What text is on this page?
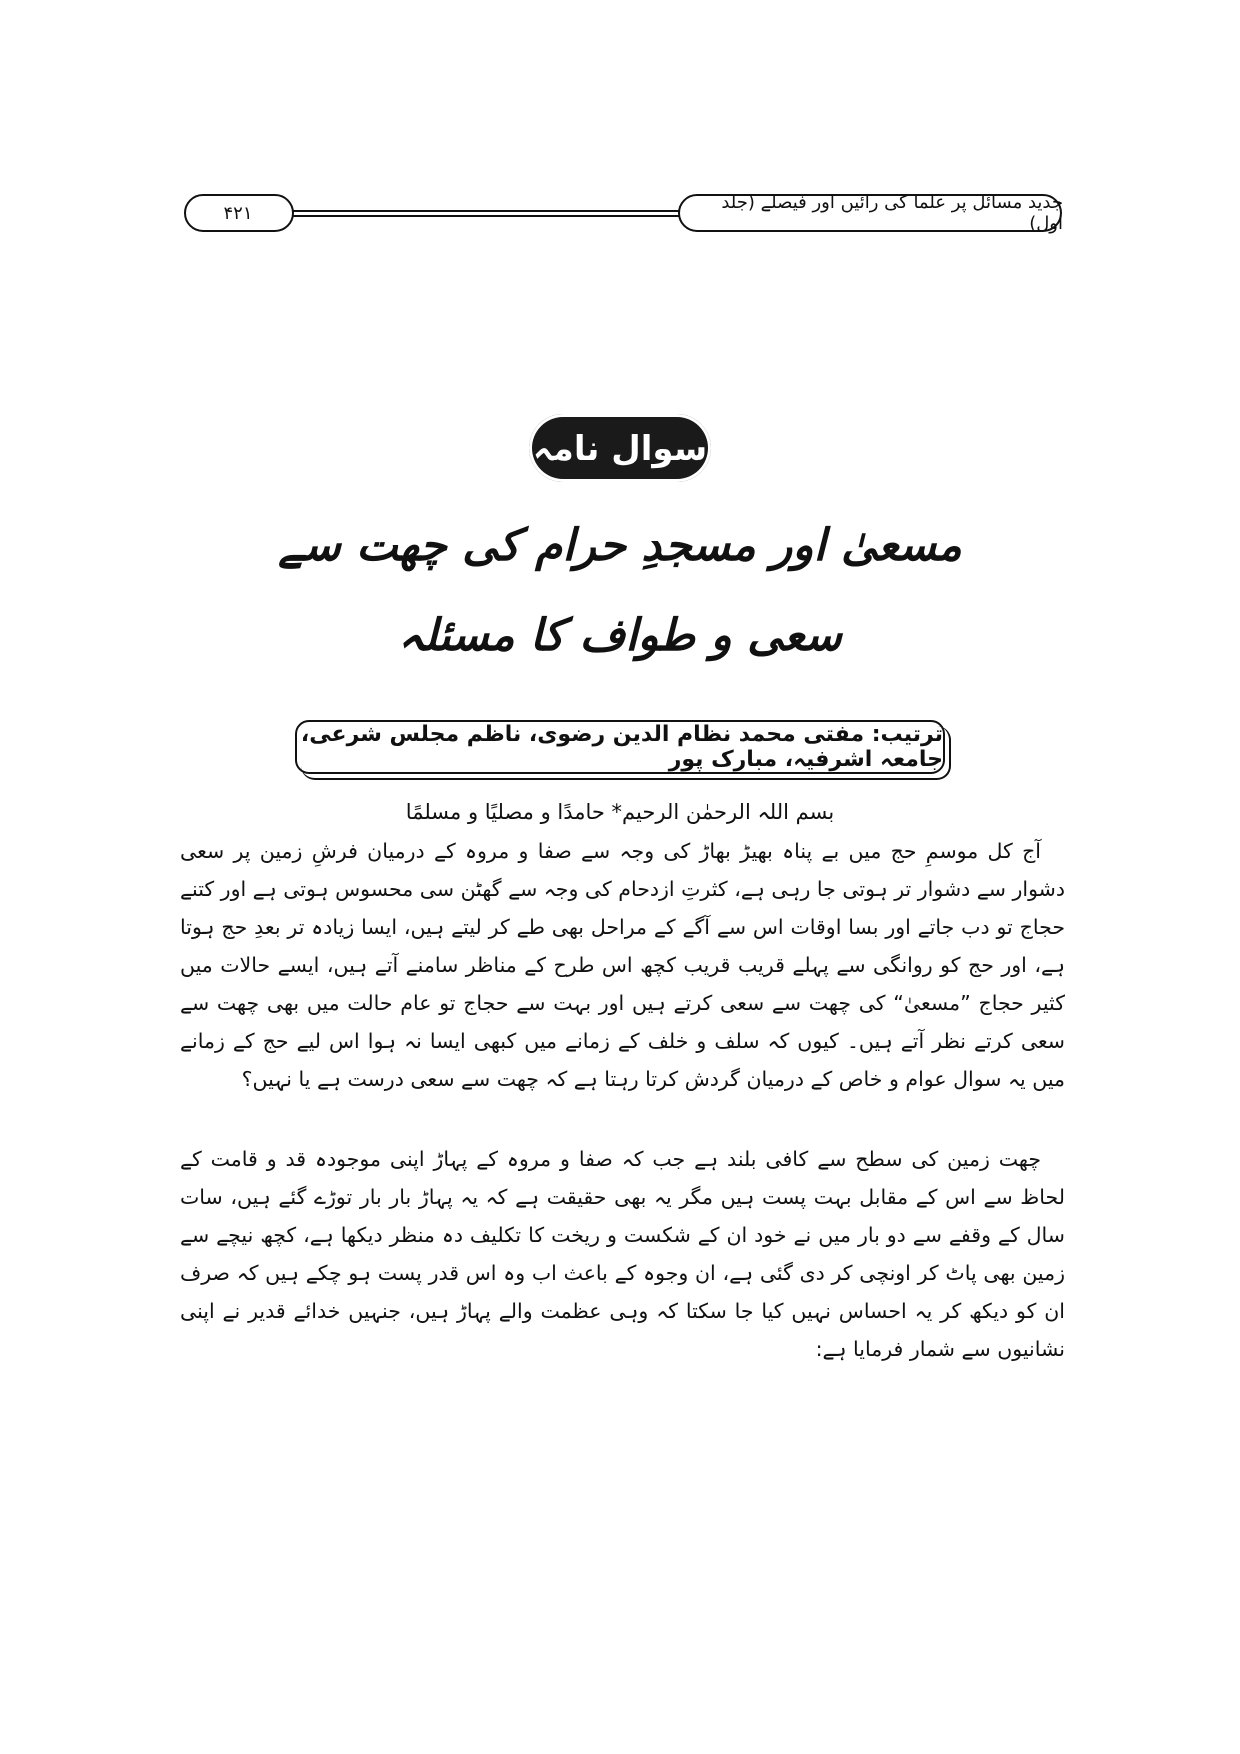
۴۲۱	جدید مسائل پر علما کی رائیں اور فیصلے (جلد اول)
سوال نامہ
مسعیٰ اور مسجدِ حرام کی چھت سے
سعی و طواف کا مسئلہ
ترتیب: مفتی محمد نظام الدین رضوی، ناظم مجلس شرعی، جامعہ اشرفیہ، مبارک پور
بسم اللہ الرحمٰن الرحیم* حامدًا و مصلیًا و مسلمًا

آج کل موسمِ حج میں بے پناہ بھیڑ بھاڑ کی وجہ سے صفا و مروہ کے درمیان فرشِ زمین پر سعی دشوار سے دشوار تر ہوتی جا رہی ہے، کثرتِ ازدحام کی وجہ سے گھٹن سی محسوس ہوتی ہے اور کتنے حجاج تو دب جاتے اور بسا اوقات اس سے آگے کے مراحل بھی طے کر لیتے ہیں، ایسا زیادہ تر بعدِ حج ہوتا ہے، اور حج کو روانگی سے پہلے قریب قریب کچھ اس طرح کے مناظر سامنے آتے ہیں، ایسے حالات میں کثیر حجاج ”مسعیٰ“ کی چھت سے سعی کرتے ہیں اور بہت سے حجاج تو عام حالت میں بھی چھت سے سعی کرتے نظر آتے ہیں۔ کیوں کہ سلف و خلف کے زمانے میں کبھی ایسا نہ ہوا اس لیے حج کے زمانے میں یہ سوال عوام و خاص کے درمیان گردش کرتا رہتا ہے کہ چھت سے سعی درست ہے یا نہیں؟

چھت زمین کی سطح سے کافی بلند ہے جب کہ صفا و مروہ کے پہاڑ اپنی موجودہ قد و قامت کے لحاظ سے اس کے مقابل بہت پست ہیں مگر یہ بھی حقیقت ہے کہ یہ پہاڑ بار بار توڑے گئے ہیں، سات سال کے وقفے سے دو بار میں نے خود ان کے شکست و ریخت کا تکلیف دہ منظر دیکھا ہے، کچھ نیچے سے زمین بھی پاٹ کر اونچی کر دی گئی ہے، ان وجوہ کے باعث اب وہ اس قدر پست ہو چکے ہیں کہ صرف ان کو دیکھ کر یہ احساس نہیں کیا جا سکتا کہ وہی عظمت والے پہاڑ ہیں، جنہیں خدائے قدیر نے اپنی نشانیوں سے شمار فرمایا ہے:
